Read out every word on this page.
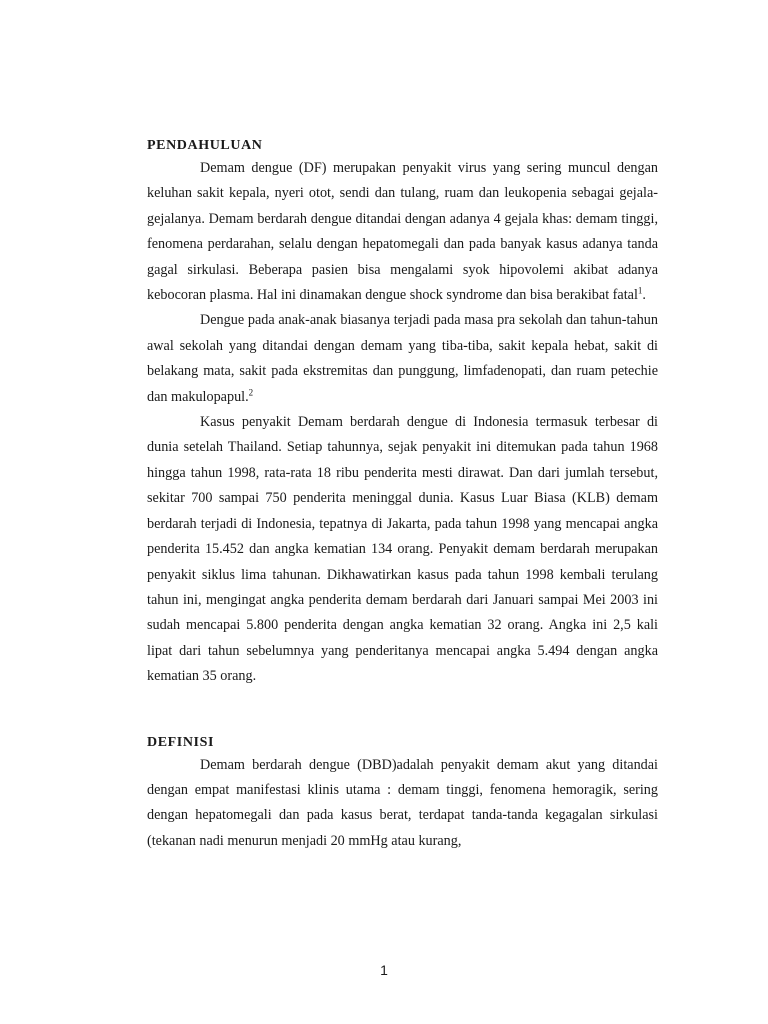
PENDAHULUAN

Demam dengue (DF) merupakan penyakit virus yang sering muncul dengan keluhan sakit kepala, nyeri otot, sendi dan tulang, ruam dan leukopenia sebagai gejala-gejalanya. Demam berdarah dengue ditandai dengan adanya 4 gejala khas: demam tinggi, fenomena perdarahan, selalu dengan hepatomegali dan pada banyak kasus adanya tanda gagal sirkulasi. Beberapa pasien bisa mengalami syok hipovolemi akibat adanya kebocoran plasma. Hal ini dinamakan dengue shock syndrome dan bisa berakibat fatal$^1$.

Dengue pada anak-anak biasanya terjadi pada masa pra sekolah dan tahun-tahun awal sekolah yang ditandai dengan demam yang tiba-tiba, sakit kepala hebat, sakit di belakang mata, sakit pada ekstremitas dan punggung, limfadenopati, dan ruam petechie dan makulopapul.$^2$

Kasus penyakit Demam berdarah dengue di Indonesia termasuk terbesar di dunia setelah Thailand. Setiap tahunnya, sejak penyakit ini ditemukan pada tahun 1968 hingga tahun 1998, rata-rata 18 ribu penderita mesti dirawat. Dan dari jumlah tersebut, sekitar 700 sampai 750 penderita meninggal dunia. Kasus Luar Biasa (KLB) demam berdarah terjadi di Indonesia, tepatnya di Jakarta, pada tahun 1998 yang mencapai angka penderita 15.452 dan angka kematian 134 orang. Penyakit demam berdarah merupakan penyakit siklus lima tahunan. Dikhawatirkan kasus pada tahun 1998 kembali terulang tahun ini, mengingat angka penderita demam berdarah dari Januari sampai Mei 2003 ini sudah mencapai 5.800 penderita dengan angka kematian 32 orang. Angka ini 2,5 kali lipat dari tahun sebelumnya yang penderitanya mencapai angka 5.494 dengan angka kematian 35 orang.

DEFINISI

Demam berdarah dengue (DBD)adalah penyakit demam akut yang ditandai dengan empat manifestasi klinis utama : demam tinggi, fenomena hemoragik, sering dengan hepatomegali dan pada kasus berat, terdapat tanda-tanda kegagalan sirkulasi (tekanan nadi menurun menjadi 20 mmHg atau kurang,

1
